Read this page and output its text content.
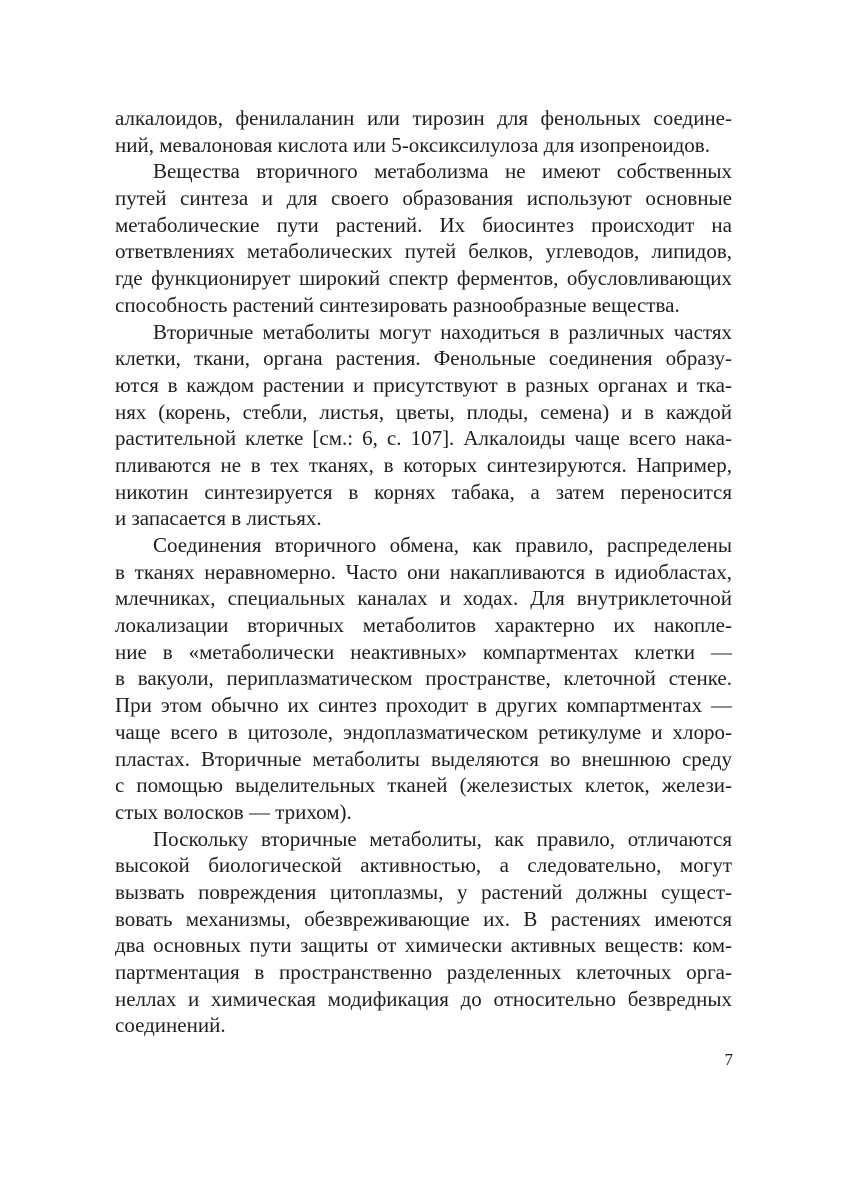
алкалоидов, фенилаланин или тирозин для фенольных соедине-
ний, мевалоновая кислота или 5-оксиксилулоза для изопреноидов.
Вещества вторичного метаболизма не имеют собственных
путей синтеза и для своего образования используют основные
метаболические пути растений. Их биосинтез происходит на
ответвлениях метаболических путей белков, углеводов, липидов,
где функционирует широкий спектр ферментов, обусловливающих
способность растений синтезировать разнообразные вещества.
Вторичные метаболиты могут находиться в различных частях
клетки, ткани, органа растения. Фенольные соединения образу-
ются в каждом растении и присутствуют в разных органах и тка-
нях (корень, стебли, листья, цветы, плоды, семена) и в каждой
растительной клетке [см.: 6, с. 107]. Алкалоиды чаще всего нака-
пливаются не в тех тканях, в которых синтезируются. Например,
никотин синтезируется в корнях табака, а затем переносится
и запасается в листьях.
Соединения вторичного обмена, как правило, распределены
в тканях неравномерно. Часто они накапливаются в идиобластах,
млечниках, специальных каналах и ходах. Для внутриклеточной
локализации вторичных метаболитов характерно их накопле-
ние в «метаболически неактивных» компартментах клетки —
в вакуоли, периплазматическом пространстве, клеточной стенке.
При этом обычно их синтез проходит в других компартментах —
чаще всего в цитозоле, эндоплазматическом ретикулуме и хлоро-
пластах. Вторичные метаболиты выделяются во внешнюю среду
с помощью выделительных тканей (железистых клеток, желези-
стых волосков — трихом).
Поскольку вторичные метаболиты, как правило, отличаются
высокой биологической активностью, а следовательно, могут
вызвать повреждения цитоплазмы, у растений должны сущест-
вовать механизмы, обезвреживающие их. В растениях имеются
два основных пути защиты от химически активных веществ: ком-
партментация в пространственно разделенных клеточных орга-
неллах и химическая модификация до относительно безвредных
соединений.
7
